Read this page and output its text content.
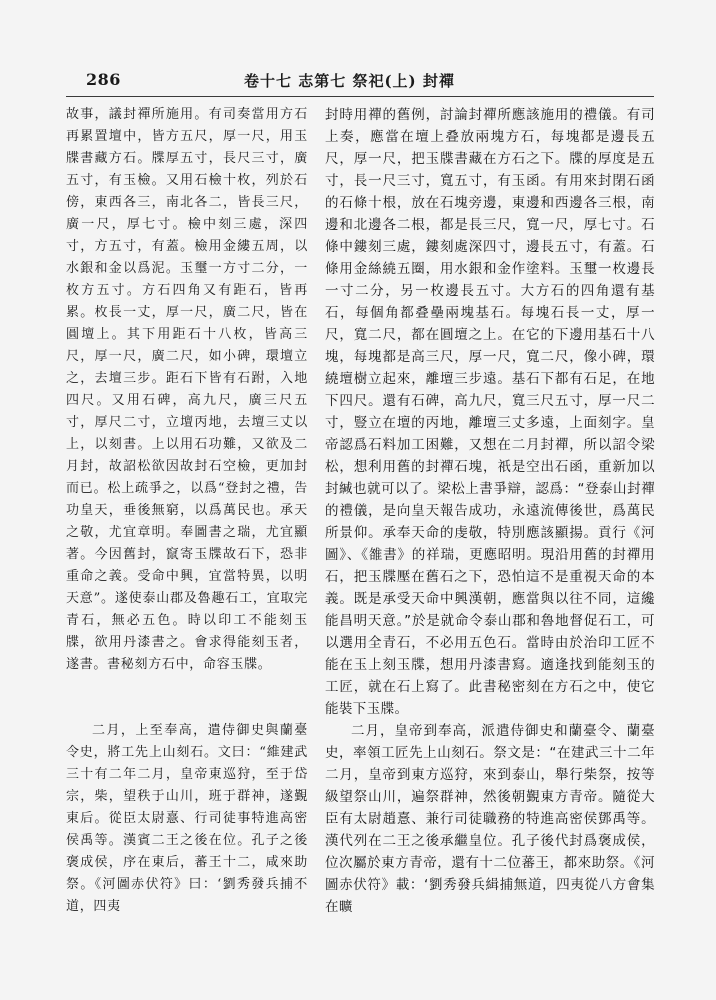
286	卷十七 志第七 祭祀(上) 封禪

故事，議封禪所施用。有司奏當用方石再累置壇中，皆方五尺，厚一尺，用玉牒書藏方石。牒厚五寸，長尺三寸，廣五寸，有玉檢。又用石檢十枚，列於石傍，東西各三，南北各二，皆長三尺，廣一尺，厚七寸。檢中刻三處，深四寸，方五寸，有蓋。檢用金縷五周，以水銀和金以爲泥。玉璽一方寸二分，一枚方五寸。方石四角又有距石，皆再累。枚長一丈，厚一尺，廣二尺，皆在圓壇上。其下用距石十八枚，皆高三尺，厚一尺，廣二尺，如小碑，環壇立之，去壇三步。距石下皆有石跗，入地四尺。又用石碑，高九尺，廣三尺五寸，厚尺二寸，立壇丙地，去壇三丈以上，以刻書。上以用石功難，又欲及二月封，故詔松欲因故封石空檢，更加封而已。松上疏爭之，以爲“登封之禮，告功皇天，垂後無窮，以爲萬民也。承天之敬，尤宜章明。奉圖書之瑞，尤宜顯著。今因舊封，竄寄玉牒故石下，恐非重命之義。受命中興，宜當特異，以明天意”。遂使泰山郡及魯趣石工，宜取完青石，無必五色。時以印工不能刻玉牒，欲用丹漆書之。會求得能刻玉者，遂書。書秘刻方石中，命容玉牒。

二月，上至奉高，遣侍御史與蘭臺令史，將工先上山刻石。文曰：“維建武三十有二年二月，皇帝東巡狩，至于岱宗，柴，望秩于山川，班于群神，遂覲東后。從臣太尉憙、行司徒事特進高密侯禹等。漢賓二王之後在位。孔子之後褒成侯，序在東后，蕃王十二，咸來助祭。《河圖赤伏符》曰：‘劉秀發兵捕不道，四夷

封時用禪的舊例，討論封禪所應該施用的禮儀。有司上奏，應當在壇上叠放兩塊方石，每塊都是邊長五尺，厚一尺，把玉牒書藏在方石之下。牒的厚度是五寸，長一尺三寸，寬五寸，有玉函。有用來封閉石函的石條十根，放在石塊旁邊，東邊和西邊各三根，南邊和北邊各二根，都是長三尺，寬一尺，厚七寸。石條中鏤刻三處，鏤刻處深四寸，邊長五寸，有蓋。石條用金絲繞五圈，用水銀和金作塗料。玉璽一枚邊長一寸二分，另一枚邊長五寸。大方石的四角還有基石，每個角都叠壘兩塊基石。每塊石長一丈，厚一尺，寬二尺，都在圓壇之上。在它的下邊用基石十八塊，每塊都是高三尺，厚一尺，寬二尺，像小碑，環繞壇樹立起來，離壇三步遠。基石下都有石足，在地下四尺。還有石碑，高九尺，寬三尺五寸，厚一尺二寸，豎立在壇的丙地，離壇三丈多遠，上面刻字。皇帝認爲石料加工困難，又想在二月封禪，所以詔令梁松，想利用舊的封禪石塊，祇是空出石函，重新加以封緘也就可以了。梁松上書爭辯，認爲：“登泰山封禪的禮儀，是向皇天報告成功，永遠流傳後世，爲萬民所景仰。承奉天命的虔敬，特別應該顯揚。貢行《河圖》、《雒書》的祥瑞，更應昭明。現沿用舊的封禪用石，把玉牒壓在舊石之下，恐怕這不是重視天命的本義。既是承受天命中興漢朝，應當與以往不同，這纔能昌明天意。”於是就命令泰山郡和魯地督促石工，可以選用全青石，不必用五色石。當時由於治印工匠不能在玉上刻玉牒，想用丹漆書寫。適逢找到能刻玉的工匠，就在石上寫了。此書秘密刻在方石之中，使它能裝下玉牒。

二月，皇帝到奉高，派遣侍御史和蘭臺令、蘭臺史，率領工匠先上山刻石。祭文是：“在建武三十二年二月，皇帝到東方巡狩，來到泰山，舉行柴祭，按等級望祭山川，遍祭群神，然後朝覲東方青帝。隨從大臣有太尉趙憙、兼行司徒職務的特進高密侯鄧禹等。漢代列在二王之後承繼皇位。孔子後代封爲褒成侯，位次屬於東方青帝，還有十二位蕃王，都來助祭。《河圖赤伏符》載：‘劉秀發兵緝捕無道，四夷從八方會集在曠
